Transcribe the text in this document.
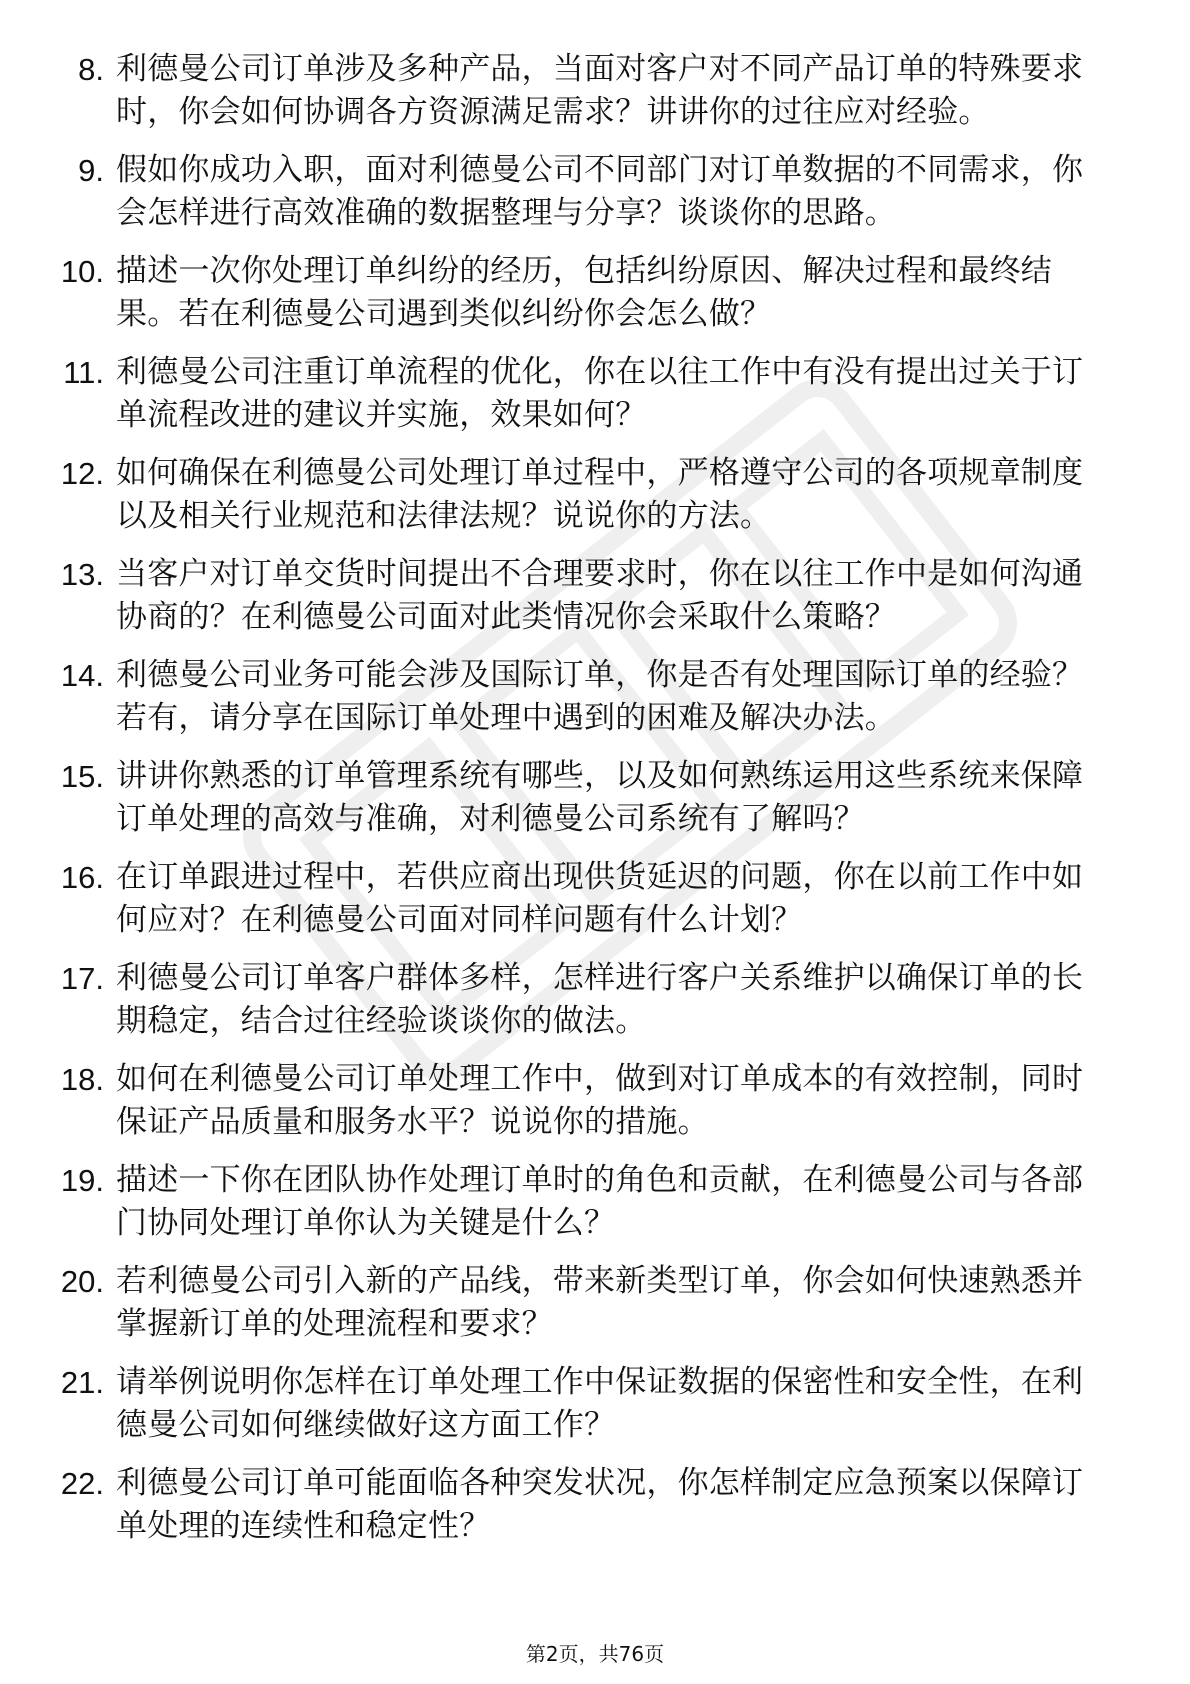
8. 利德曼公司订单涉及多种产品，当面对客户对不同产品订单的特殊要求时，你会如何协调各方资源满足需求？讲讲你的过往应对经验。
9. 假如你成功入职，面对利德曼公司不同部门对订单数据的不同需求，你会怎样进行高效准确的数据整理与分享？谈谈你的思路。
10. 描述一次你处理订单纠纷的经历，包括纠纷原因、解决过程和最终结果。若在利德曼公司遇到类似纠纷你会怎么做？
11. 利德曼公司注重订单流程的优化，你在以往工作中有没有提出过关于订单流程改进的建议并实施，效果如何？
12. 如何确保在利德曼公司处理订单过程中，严格遵守公司的各项规章制度以及相关行业规范和法律法规？说说你的方法。
13. 当客户对订单交货时间提出不合理要求时，你在以往工作中是如何沟通协商的？在利德曼公司面对此类情况你会采取什么策略？
14. 利德曼公司业务可能会涉及国际订单，你是否有处理国际订单的经验？若有，请分享在国际订单处理中遇到的困难及解决办法。
15. 讲讲你熟悉的订单管理系统有哪些，以及如何熟练运用这些系统来保障订单处理的高效与准确，对利德曼公司系统有了解吗？
16. 在订单跟进过程中，若供应商出现供货延迟的问题，你在以前工作中如何应对？在利德曼公司面对同样问题有什么计划？
17. 利德曼公司订单客户群体多样，怎样进行客户关系维护以确保订单的长期稳定，结合过往经验谈谈你的做法。
18. 如何在利德曼公司订单处理工作中，做到对订单成本的有效控制，同时保证产品质量和服务水平？说说你的措施。
19. 描述一下你在团队协作处理订单时的角色和贡献，在利德曼公司与各部门协同处理订单你认为关键是什么？
20. 若利德曼公司引入新的产品线，带来新类型订单，你会如何快速熟悉并掌握新订单的处理流程和要求？
21. 请举例说明你怎样在订单处理工作中保证数据的保密性和安全性，在利德曼公司如何继续做好这方面工作？
22. 利德曼公司订单可能面临各种突发状况，你怎样制定应急预案以保障订单处理的连续性和稳定性？
第2页，共76页
